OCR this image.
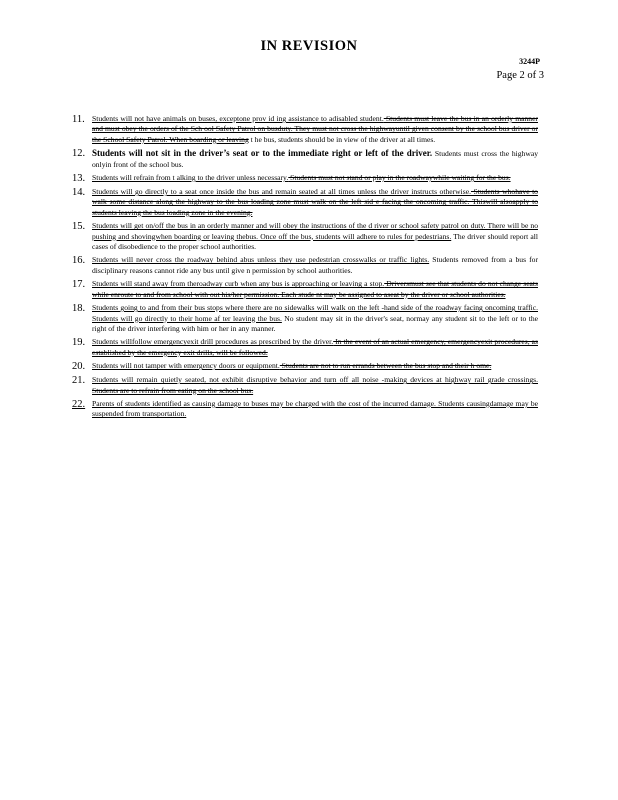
IN REVISION
3244P
Page 2 of 3
11. Students will not have animals on buses, exceptone prov id ing assistance to adisabled student. Students must leave the bus in an orderly manner and must obey the orders of the Sch ool Safety Patrol on busduty. They must not cross the highwayuntil given consent by the school bus driver or the School Safety Patrol. When boarding or leaving t he bus, students should be in view of the driver at all times.
12. Students will not sit in the driver’s seat or to the immediate right or left of the driver. Students must cross the highway onlyin front of the school bus.
13. Students will refrain from t alking to the driver unless necessary. Students must not stand or play in the roadwaywhile waiting for the bus.
14. Students will go directly to a seat once inside the bus and remain seated at all times unless the driver instructs otherwise. Students whohave to walk some distance along the highway to the bus loading zone must walk on the left sid e facing the oncoming traffic. Thiswill alsoapply to students leaving the bus loading zone in the evening.
15. Students will get on/off the bus in an orderly manner and will obey the instructions of the d river or school safety patrol on duty. There will be no pushing and shovingwhen boarding or leaving thebus. Once off the bus, students will adhere to rules for pedestrians. The driver should report all cases of disobedience to the proper school authorities.
16. Students will never cross the roadway behind abus unless they use pedestrian crosswalks or traffic lights. Students removed from a bus for disciplinary reasons cannot ride any bus until give n permission by school authorities.
17. Students will stand away from theroadway curb when any bus is approaching or leaving a stop. Driversmust see that students do not change seats while enroute to and from school with out his/her permission. Each stude nt may be assigned to aseat by the driver or school authorities.
18. Students going to and from their bus stops where there are no sidewalks will walk on the left -hand side of the roadway facing oncoming traffic. Students will go directly to their home af ter leaving the bus. No student may sit in the driver's seat, normay any student sit to the left or to the right of the driver interfering with him or her in any manner.
19. Students willfollow emergencyexit drill procedures as prescribed by the driver. In the event of an actual emergency, emergencyexit procedures, as established by the emergency exit drills, will be followed.
20. Students will not tamper with emergency doors or equipment. Students are not to run errands between the bus stop and their h ome.
21. Students will remain quietly seated, not exhibit disruptive behavior and turn off all noise -making devices at highway rail grade crossings. Students are to refrain from eating on the school bus.
22. Parents of students identified as causing damage to buses may be charged with the cost of the incurred damage. Students causingdamage may be suspended from transportation.
